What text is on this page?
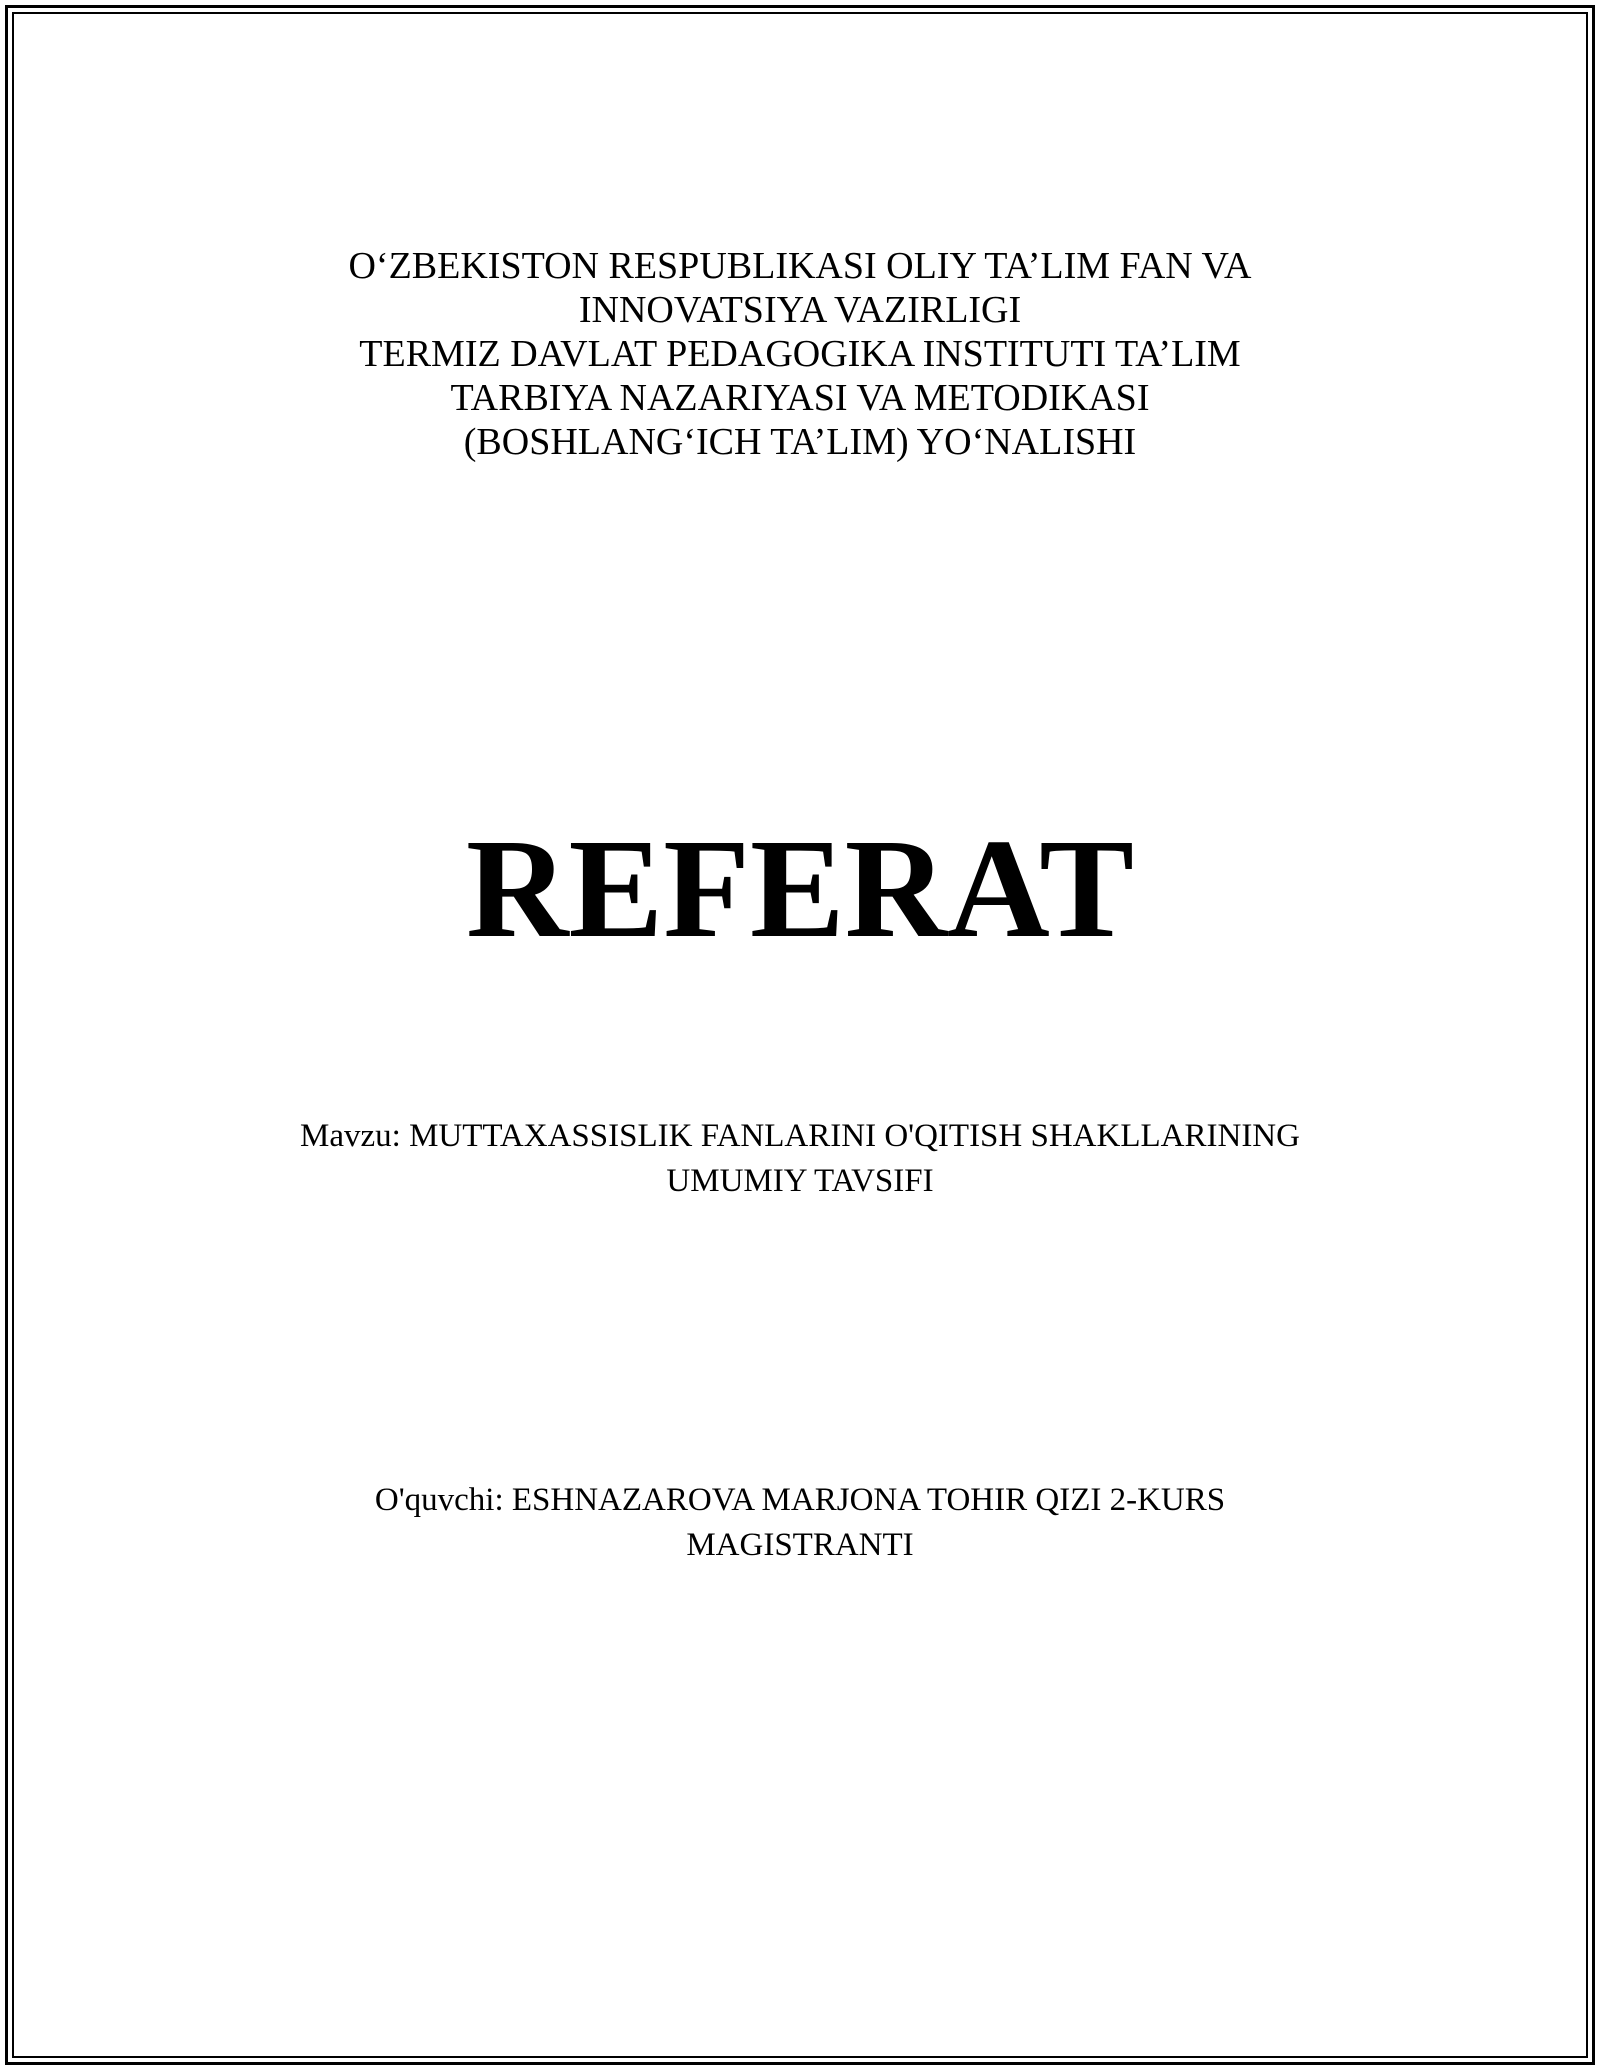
O‘ZBEKISTON RESPUBLIKASI OLIY TA’LIM FAN VA
INNOVATSIYA VAZIRLIGI
TERMIZ DAVLAT PEDAGOGIKA INSTITUTI TA’LIM
TARBIYA NAZARIYASI VA METODIKASI
(BOSHLANG‘ICH TA’LIM) YO‘NALISHI
REFERAT
Mavzu: MUTTAXASSISLIK FANLARINI O'QITISH SHAKLLARINING
UMUMIY TAVSIFI
O'quvchi: ESHNAZAROVA MARJONA TOHIR QIZI 2-KURS
MAGISTRANTI
